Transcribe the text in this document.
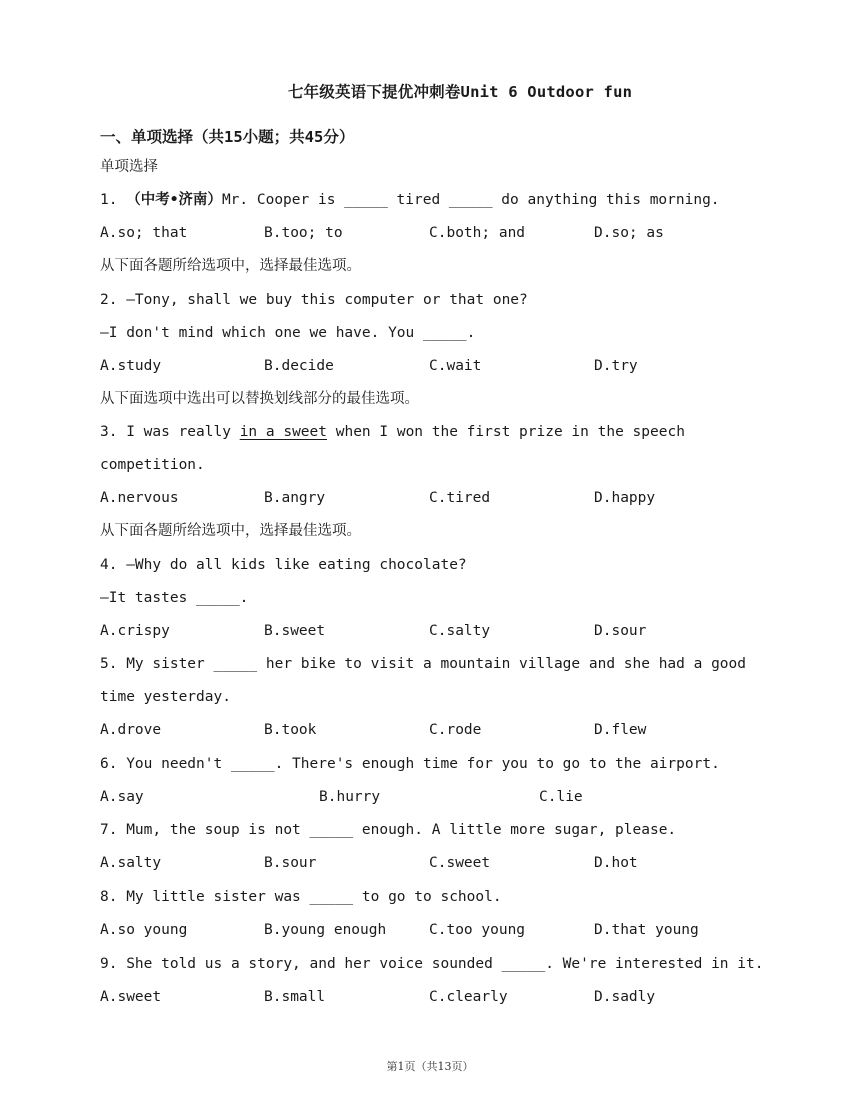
七年级英语下提优冲刺卷Unit 6 Outdoor fun
一、单项选择（共15小题；共45分）
单项选择
1. （中考•济南）Mr. Cooper is _____ tired _____ do anything this morning.
A.so; that	B.too; to	C.both; and	D.so; as
从下面各题所给选项中，选择最佳选项。
2. —Tony, shall we buy this computer or that one?
—I don't mind which one we have. You _____.
A.study	B.decide	C.wait	D.try
从下面选项中选出可以替换划线部分的最佳选项。
3. I was really in a sweet when I won the first prize in the speech
competition.
A.nervous	B.angry	C.tired	D.happy
从下面各题所给选项中，选择最佳选项。
4. —Why do all kids like eating chocolate?
—It tastes _____.
A.crispy	B.sweet	C.salty	D.sour
5. My sister _____ her bike to visit a mountain village and she had a good
time yesterday.
A.drove	B.took	C.rode	D.flew
6. You needn't _____. There's enough time for you to go to the airport.
A.say	B.hurry	C.lie
7. Mum, the soup is not _____ enough. A little more sugar, please.
A.salty	B.sour	C.sweet	D.hot
8. My little sister was _____ to go to school.
A.so young	B.young enough	C.too young	D.that young
9. She told us a story, and her voice sounded _____. We're interested in it.
A.sweet	B.small	C.clearly	D.sadly
第1页（共13页）
